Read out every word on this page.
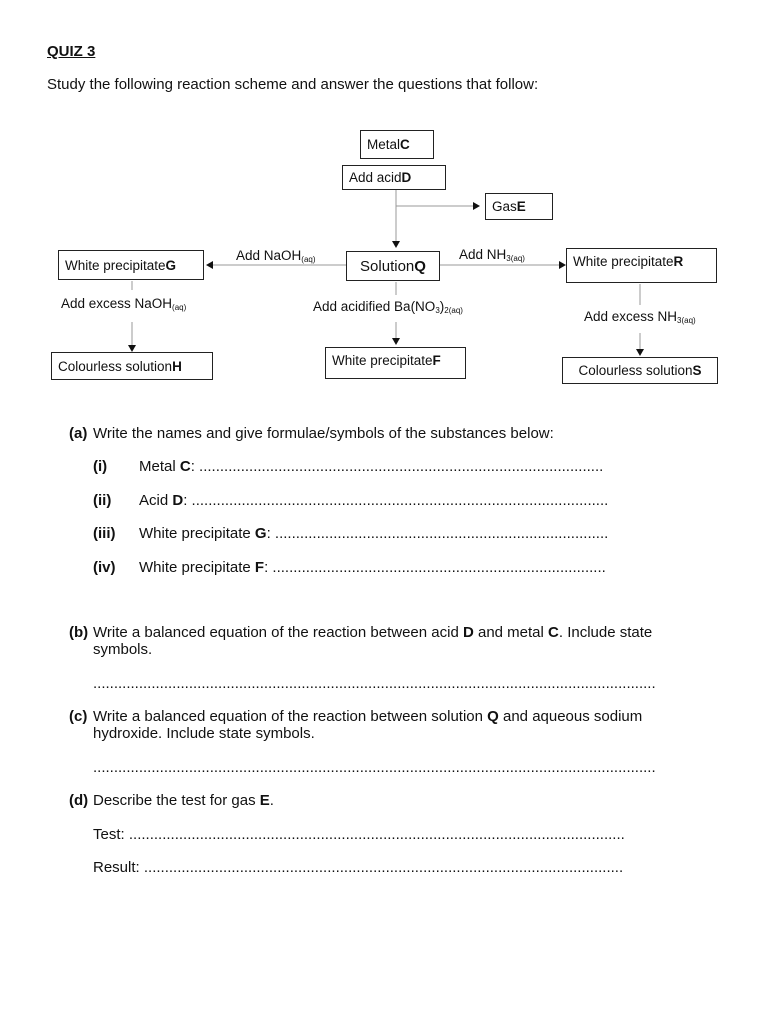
QUIZ 3
Study the following reaction scheme and answer the questions that follow:
Metal C
Add acid D
Gas E
Solution Q
White precipitate G	White precipitate R
White precipitate F
Colourless solution H	Colourless solution S
Add NaOH$_{(aq)}$	Add $NH_{3(aq)}$
Add excess NaOH$_{(aq)}$	Add acidified $Ba(NO_3)_{2(aq)}$	Add excess $NH_{3(aq)}$
(a) Write the names and give formulae/symbols of the substances below:
(i) Metal C: .................................................................................................
(ii) Acid D: ....................................................................................................
(iii) White precipitate G: ................................................................................
(iv) White precipitate F: ................................................................................
(b) Write a balanced equation of the reaction between acid D and metal C. Include state
symbols.
.......................................................................................................................................
(c) Write a balanced equation of the reaction between solution Q and aqueous sodium
hydroxide. Include state symbols.
.......................................................................................................................................
(d) Describe the test for gas E.
Test: .......................................................................................................................
Result: ...................................................................................................................
